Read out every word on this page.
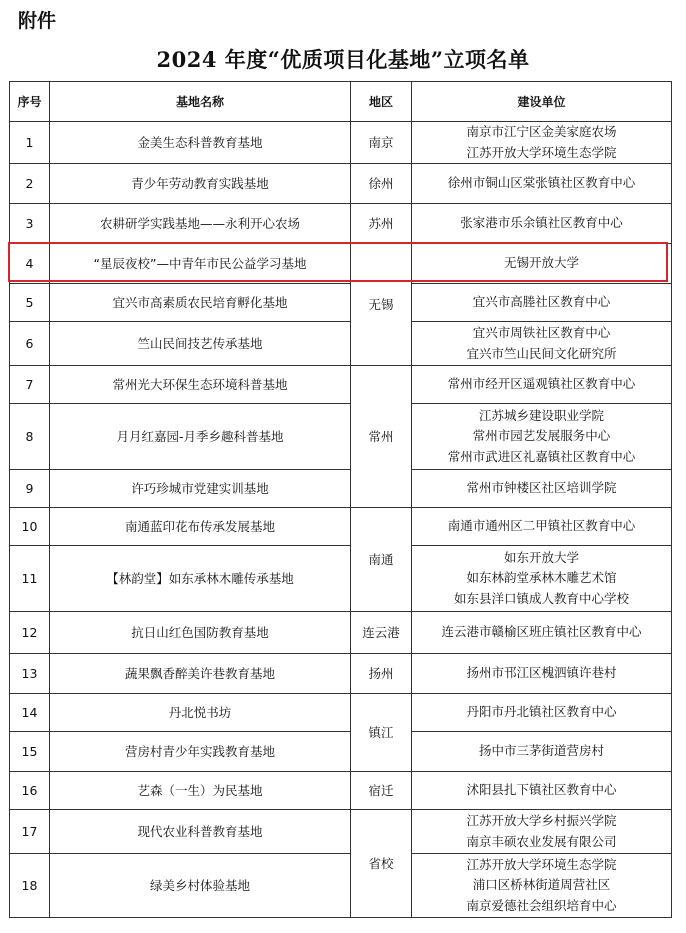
附件
2024 年度“优质项目化基地”立项名单
序号	基地名称	地区	建设单位
1	金美生态科普教育基地	南京	南京市江宁区金美家庭农场
江苏开放大学环境生态学院

2	青少年劳动教育实践基地	徐州	徐州市铜山区棠张镇社区教育中心

3	农耕研学实践基地——永利开心农场	苏州	张家港市乐余镇社区教育中心

4	“星辰夜校”—中青年市民公益学习基地	无锡	无锡开放大学

5	宜兴市高素质农民培育孵化基地		宜兴市高塍社区教育中心

6	竺山民间技艺传承基地		宜兴市周铁社区教育中心
宜兴市竺山民间文化研究所

7	常州光大环保生态环境科普基地	常州	常州市经开区遥观镇社区教育中心

8	月月红嘉园-月季乡趣科普基地		江苏城乡建设职业学院
常州市园艺发展服务中心
常州市武进区礼嘉镇社区教育中心

9	许巧珍城市党建实训基地		常州市钟楼区社区培训学院

10	南通蓝印花布传承发展基地	南通	南通市通州区二甲镇社区教育中心

11	【林韵堂】如东承林木雕传承基地		如东开放大学
如东林韵堂承林木雕艺术馆
如东县洋口镇成人教育中心学校

12	抗日山红色国防教育基地	连云港	连云港市赣榆区班庄镇社区教育中心

13	蔬果飘香醉美许巷教育基地	扬州	扬州市邗江区槐泗镇许巷村

14	丹北悦书坊	镇江	丹阳市丹北镇社区教育中心

15	营房村青少年实践教育基地		扬中市三茅街道营房村

16	艺森（一生）为民基地	宿迁	沭阳县扎下镇社区教育中心

17	现代农业科普教育基地	省校	江苏开放大学乡村振兴学院
南京丰硕农业发展有限公司

18	绿美乡村体验基地		江苏开放大学环境生态学院
浦口区桥林街道周营社区
南京爱德社会组织培育中心
